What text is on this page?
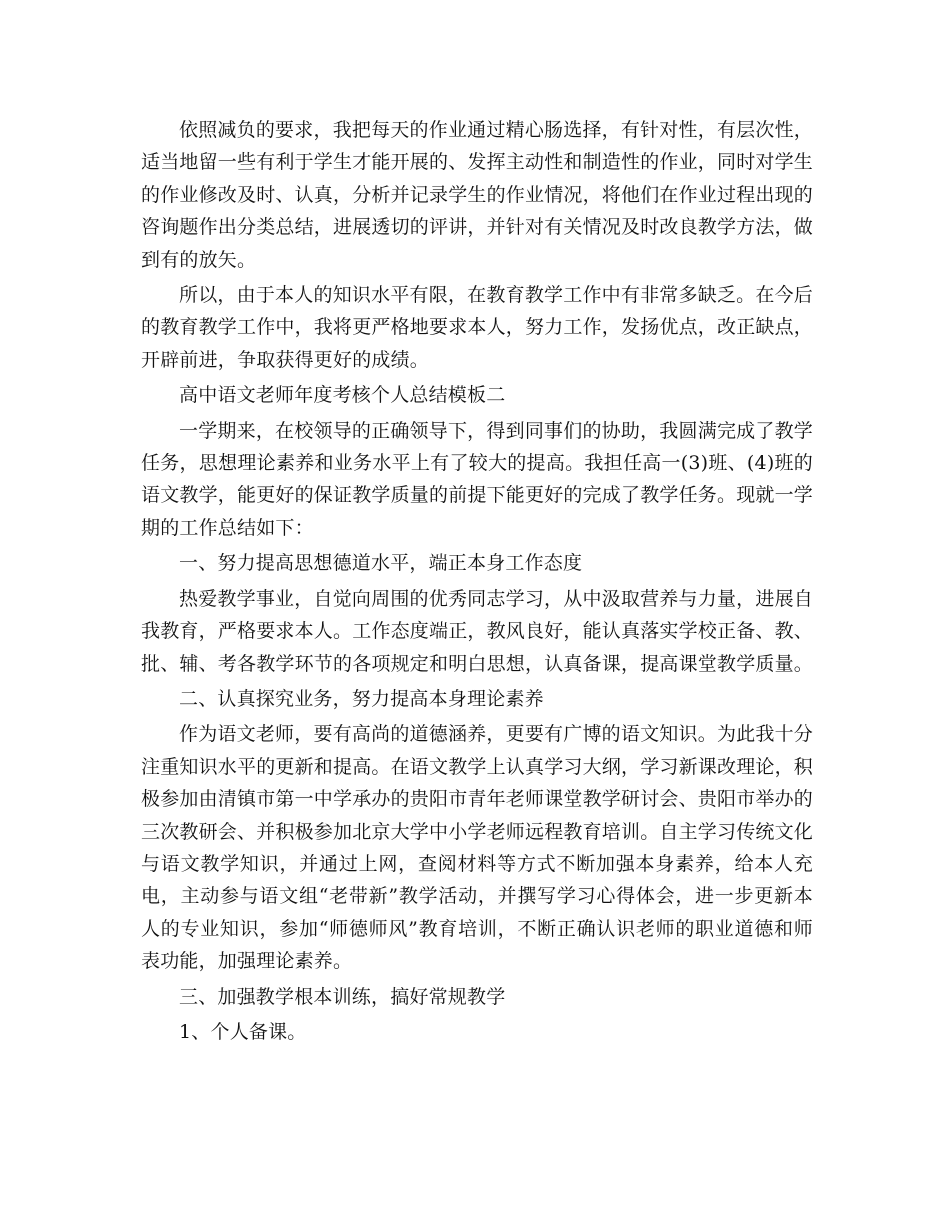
依照减负的要求，我把每天的作业通过精心肠选择，有针对性，有层次性，适当地留一些有利于学生才能开展的、发挥主动性和制造性的作业，同时对学生的作业修改及时、认真，分析并记录学生的作业情况，将他们在作业过程出现的咨询题作出分类总结，进展透切的评讲，并针对有关情况及时改良教学方法，做到有的放矢。

所以，由于本人的知识水平有限，在教育教学工作中有非常多缺乏。在今后的教育教学工作中，我将更严格地要求本人，努力工作，发扬优点，改正缺点，开辟前进，争取获得更好的成绩。

高中语文老师年度考核个人总结模板二

一学期来，在校领导的正确领导下，得到同事们的协助，我圆满完成了教学任务，思想理论素养和业务水平上有了较大的提高。我担任高一(3)班、(4)班的语文教学，能更好的保证教学质量的前提下能更好的完成了教学任务。现就一学期的工作总结如下：

一、努力提高思想德道水平，端正本身工作态度

热爱教学事业，自觉向周围的优秀同志学习，从中汲取营养与力量，进展自我教育，严格要求本人。工作态度端正，教风良好，能认真落实学校正备、教、批、辅、考各教学环节的各项规定和明白思想，认真备课，提高课堂教学质量。

二、认真探究业务，努力提高本身理论素养

作为语文老师，要有高尚的道德涵养，更要有广博的语文知识。为此我十分注重知识水平的更新和提高。在语文教学上认真学习大纲，学习新课改理论，积极参加由清镇市第一中学承办的贵阳市青年老师课堂教学研讨会、贵阳市举办的三次教研会、并积极参加北京大学中小学老师远程教育培训。自主学习传统文化与语文教学知识，并通过上网，查阅材料等方式不断加强本身素养，给本人充电，主动参与语文组“老带新”教学活动，并撰写学习心得体会，进一步更新本人的专业知识，参加“师德师风”教育培训，不断正确认识老师的职业道德和师表功能，加强理论素养。

三、加强教学根本训练，搞好常规教学

1、个人备课。
